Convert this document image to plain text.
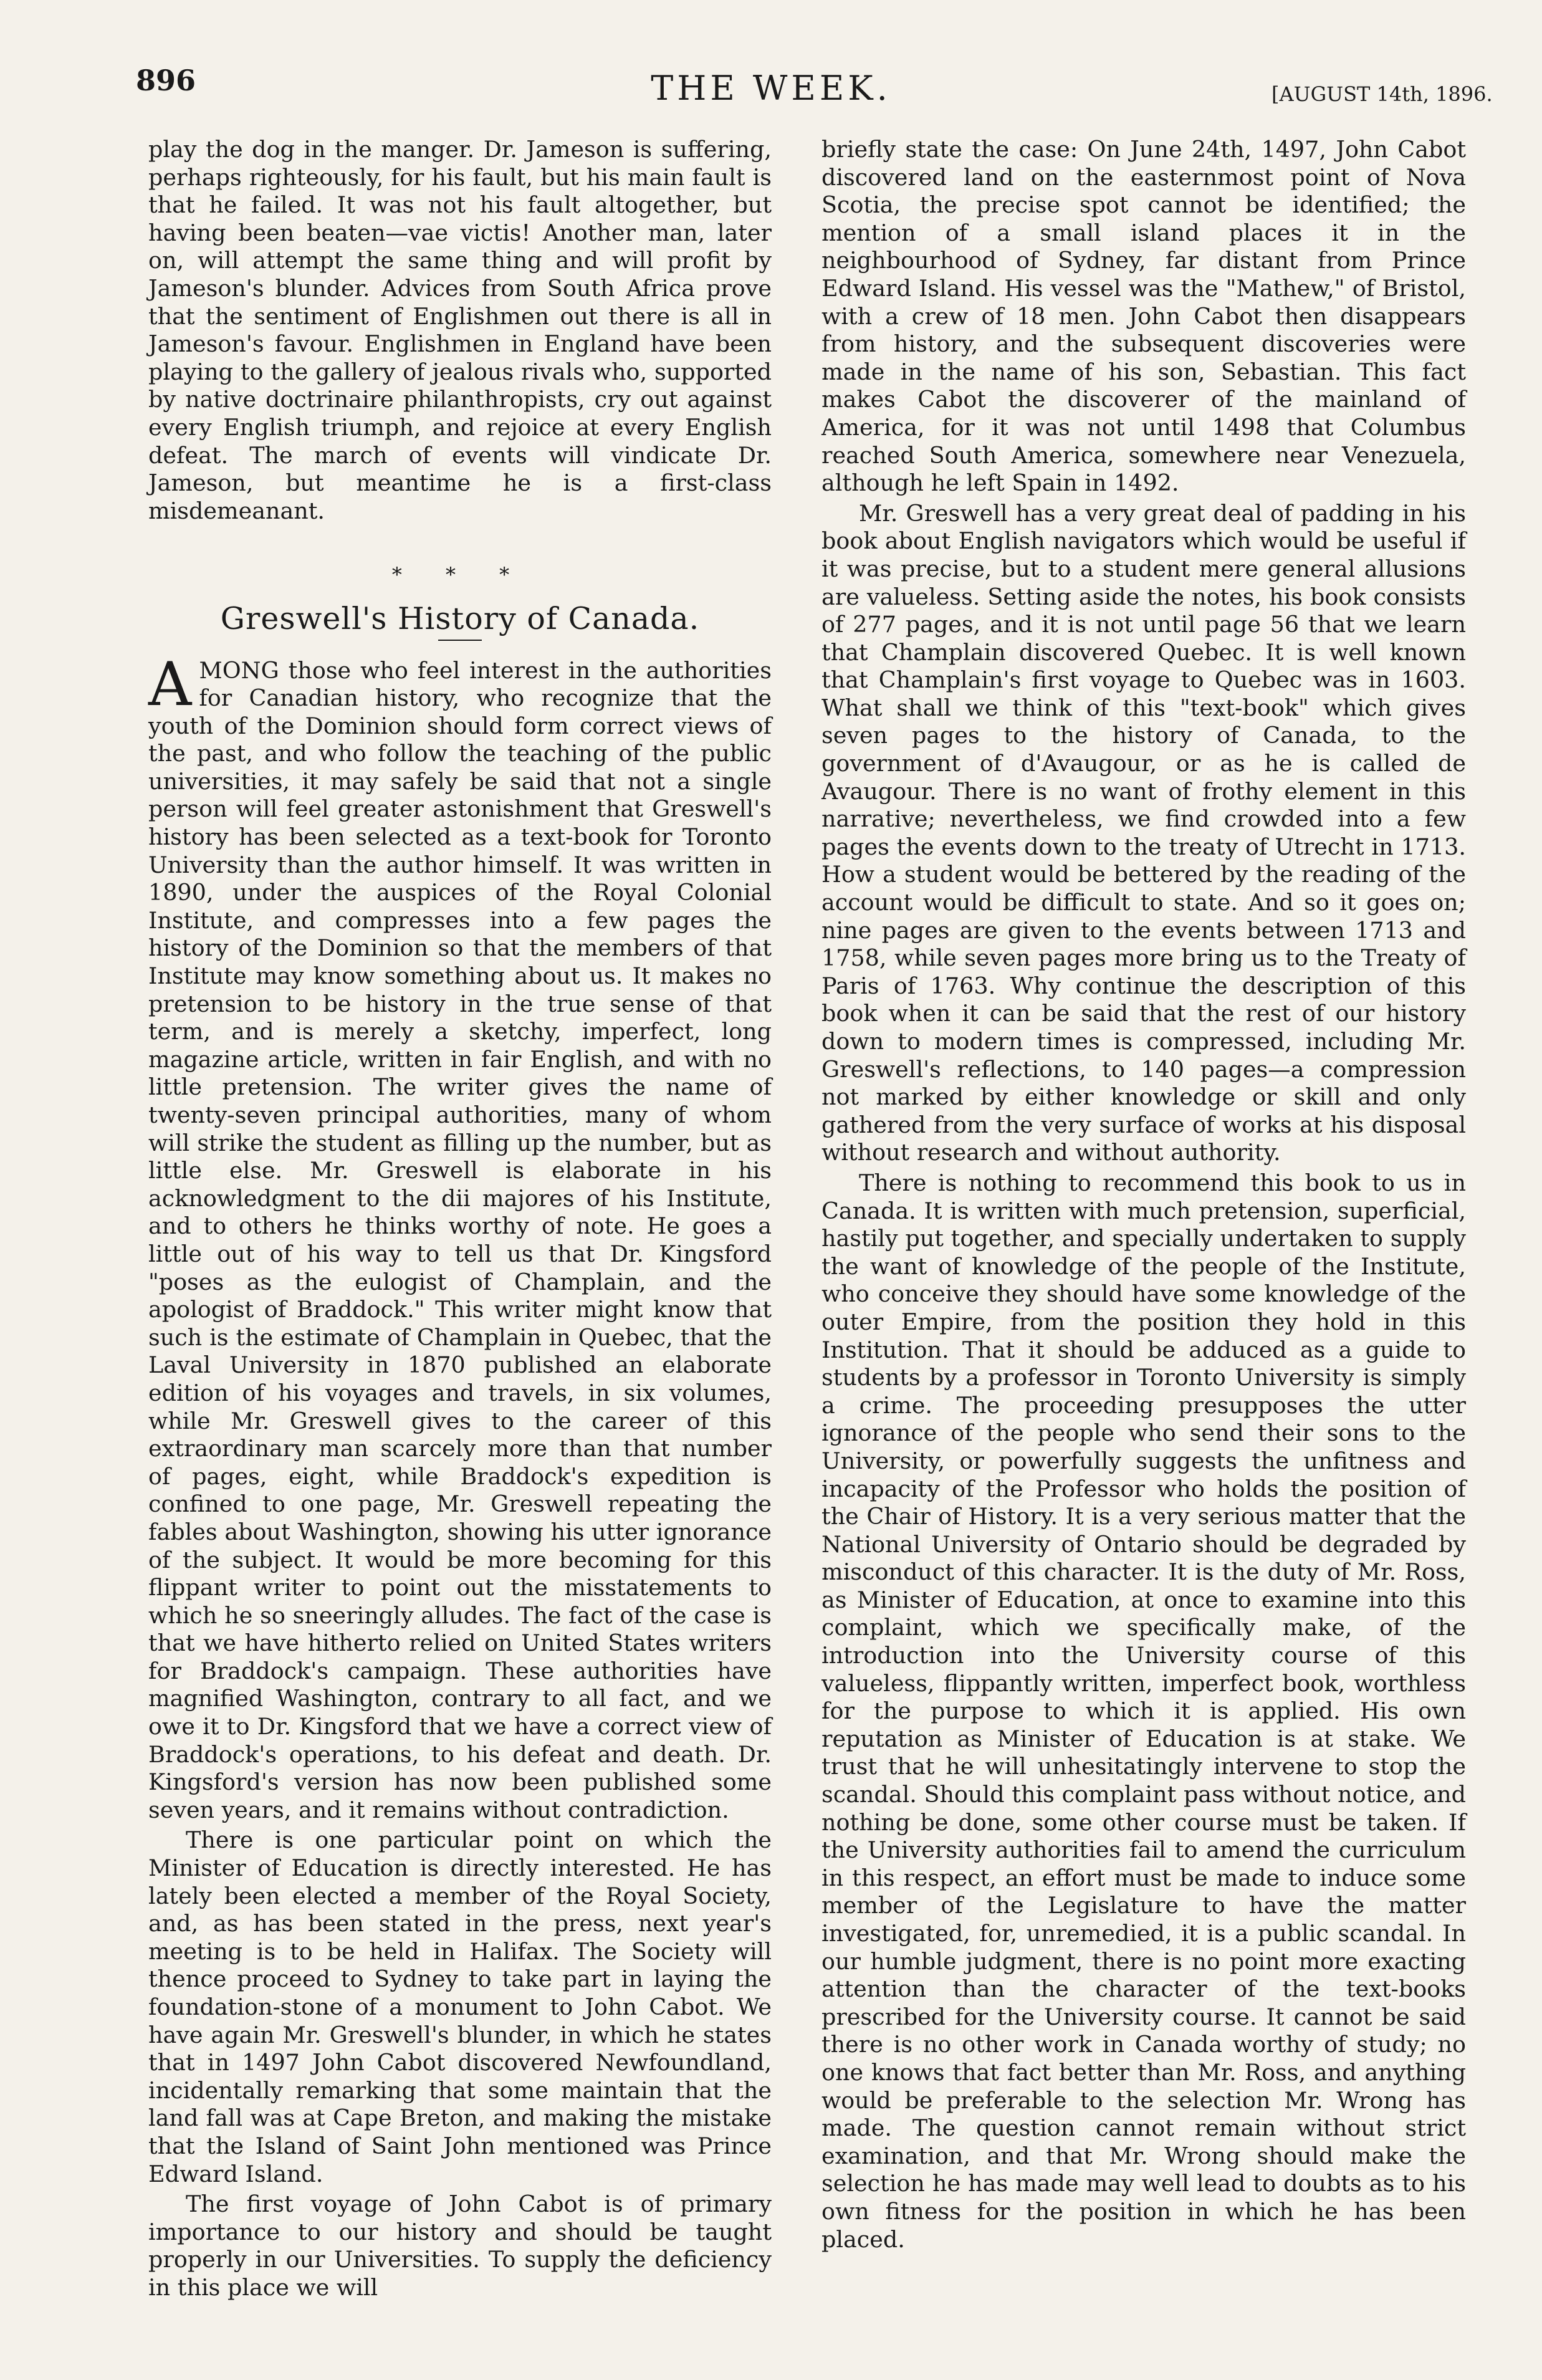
896	THE WEEK.	[AUGUST 14th, 1896.

play the dog in the manger. Dr. Jameson is suffering, perhaps righteously, for his fault, but his main fault is that he failed. It was not his fault altogether, but having been beaten—vae victis! Another man, later on, will attempt the same thing and will profit by Jameson's blunder. Advices from South Africa prove that the sentiment of Englishmen out there is all in Jameson's favour. Englishmen in England have been playing to the gallery of jealous rivals who, supported by native doctrinaire philanthropists, cry out against every English triumph, and rejoice at every English defeat. The march of events will vindicate Dr. Jameson, but meantime he is a first-class misdemeanant.

* * *
Greswell's History of Canada.

AMONG those who feel interest in the authorities for Canadian history, who recognize that the youth of the Dominion should form correct views of the past, and who follow the teaching of the public universities, it may safely be said that not a single person will feel greater astonishment that Greswell's history has been selected as a text-book for Toronto University than the author himself. It was written in 1890, under the auspices of the Royal Colonial Institute, and compresses into a few pages the history of the Dominion so that the members of that Institute may know something about us. It makes no pretension to be history in the true sense of that term, and is merely a sketchy, imperfect, long magazine article, written in fair English, and with no little pretension. The writer gives the name of twenty-seven principal authorities, many of whom will strike the student as filling up the number, but as little else. Mr. Greswell is elaborate in his acknowledgment to the dii majores of his Institute, and to others he thinks worthy of note. He goes a little out of his way to tell us that Dr. Kingsford "poses as the eulogist of Champlain, and the apologist of Braddock." This writer might know that such is the estimate of Champlain in Quebec, that the Laval University in 1870 published an elaborate edition of his voyages and travels, in six volumes, while Mr. Greswell gives to the career of this extraordinary man scarcely more than that number of pages, eight, while Braddock's expedition is confined to one page, Mr. Greswell repeating the fables about Washington, showing his utter ignorance of the subject. It would be more becoming for this flippant writer to point out the misstatements to which he so sneeringly alludes. The fact of the case is that we have hitherto relied on United States writers for Braddock's campaign. These authorities have magnified Washington, contrary to all fact, and we owe it to Dr. Kingsford that we have a correct view of Braddock's operations, to his defeat and death. Dr. Kingsford's version has now been published some seven years, and it remains without contradiction.

There is one particular point on which the Minister of Education is directly interested. He has lately been elected a member of the Royal Society, and, as has been stated in the press, next year's meeting is to be held in Halifax. The Society will thence proceed to Sydney to take part in laying the foundation-stone of a monument to John Cabot. We have again Mr. Greswell's blunder, in which he states that in 1497 John Cabot discovered Newfoundland, incidentally remarking that some maintain that the land fall was at Cape Breton, and making the mistake that the Island of Saint John mentioned was Prince Edward Island.

The first voyage of John Cabot is of primary importance to our history and should be taught properly in our Universities. To supply the deficiency in this place we will

briefly state the case: On June 24th, 1497, John Cabot discovered land on the easternmost point of Nova Scotia, the precise spot cannot be identified; the mention of a small island places it in the neighbourhood of Sydney, far distant from Prince Edward Island. His vessel was the "Mathew," of Bristol, with a crew of 18 men. John Cabot then disappears from history, and the subsequent discoveries were made in the name of his son, Sebastian. This fact makes Cabot the discoverer of the mainland of America, for it was not until 1498 that Columbus reached South America, somewhere near Venezuela, although he left Spain in 1492.

Mr. Greswell has a very great deal of padding in his book about English navigators which would be useful if it was precise, but to a student mere general allusions are valueless. Setting aside the notes, his book consists of 277 pages, and it is not until page 56 that we learn that Champlain discovered Quebec. It is well known that Champlain's first voyage to Quebec was in 1603. What shall we think of this "text-book" which gives seven pages to the history of Canada, to the government of d'Avaugour, or as he is called de Avaugour. There is no want of frothy element in this narrative; nevertheless, we find crowded into a few pages the events down to the treaty of Utrecht in 1713. How a student would be bettered by the reading of the account would be difficult to state. And so it goes on; nine pages are given to the events between 1713 and 1758, while seven pages more bring us to the Treaty of Paris of 1763. Why continue the description of this book when it can be said that the rest of our history down to modern times is compressed, including Mr. Greswell's reflections, to 140 pages—a compression not marked by either knowledge or skill and only gathered from the very surface of works at his disposal without research and without authority.

There is nothing to recommend this book to us in Canada. It is written with much pretension, superficial, hastily put together, and specially undertaken to supply the want of knowledge of the people of the Institute, who conceive they should have some knowledge of the outer Empire, from the position they hold in this Institution. That it should be adduced as a guide to students by a professor in Toronto University is simply a crime. The proceeding presupposes the utter ignorance of the people who send their sons to the University, or powerfully suggests the unfitness and incapacity of the Professor who holds the position of the Chair of History. It is a very serious matter that the National University of Ontario should be degraded by misconduct of this character. It is the duty of Mr. Ross, as Minister of Education, at once to examine into this complaint, which we specifically make, of the introduction into the University course of this valueless, flippantly written, imperfect book, worthless for the purpose to which it is applied. His own reputation as Minister of Education is at stake. We trust that he will unhesitatingly intervene to stop the scandal. Should this complaint pass without notice, and nothing be done, some other course must be taken. If the University authorities fail to amend the curriculum in this respect, an effort must be made to induce some member of the Legislature to have the matter investigated, for, unremedied, it is a public scandal. In our humble judgment, there is no point more exacting attention than the character of the text-books prescribed for the University course. It cannot be said there is no other work in Canada worthy of study; no one knows that fact better than Mr. Ross, and anything would be preferable to the selection Mr. Wrong has made. The question cannot remain without strict examination, and that Mr. Wrong should make the selection he has made may well lead to doubts as to his own fitness for the position in which he has been placed.
